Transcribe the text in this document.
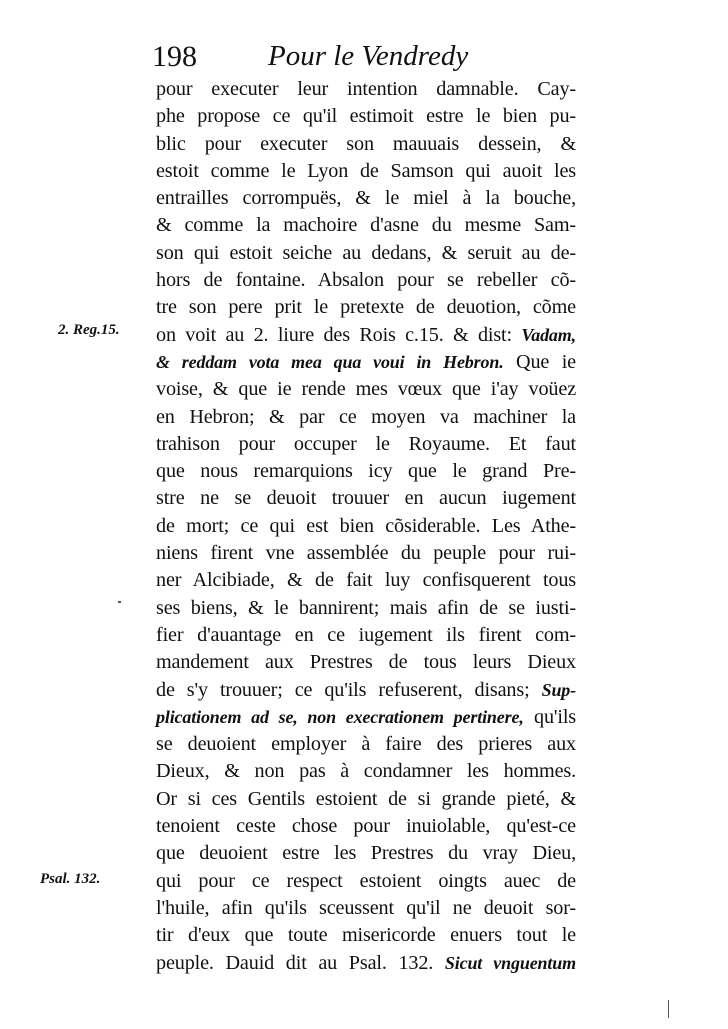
198 Pour le Vendredy
2. Reg.15.
Psal. 132.
pour executer leur intention damnable. Cay-
phe propose ce qu'il estimoit estre le bien pu-
blic pour executer son mauuais dessein, &
estoit comme le Lyon de Samson qui auoit les
entrailles corrompuës, & le miel à la bouche,
& comme la machoire d'asne du mesme Sam-
son qui estoit seiche au dedans, & seruit au de-
hors de fontaine. Absalon pour se rebeller cõ-
tre son pere prit le pretexte de deuotion, cõme
on voit au 2. liure des Rois c.15. & dist: Vadam,
& reddam vota mea qua voui in Hebron. Que ie
voise, & que ie rende mes vœux que i'ay voüez
en Hebron; & par ce moyen va machiner la
trahison pour occuper le Royaume. Et faut
que nous remarquions icy que le grand Pre-
stre ne se deuoit trouuer en aucun iugement
de mort; ce qui est bien cõsiderable. Les Athe-
niens firent vne assemblée du peuple pour rui-
ner Alcibiade, & de fait luy confisquerent tous
ses biens, & le bannirent; mais afin de se iusti-
fier d'auantage en ce iugement ils firent com-
mandement aux Prestres de tous leurs Dieux
de s'y trouuer; ce qu'ils refuserent, disans; Sup-
plicationem ad se, non execrationem pertinere, qu'ils
se deuoient employer à faire des prieres aux
Dieux, & non pas à condamner les hommes.
Or si ces Gentils estoient de si grande pieté, &
tenoient ceste chose pour inuiolable, qu'est-ce
que deuoient estre les Prestres du vray Dieu,
qui pour ce respect estoient oingts auec de
l'huile, afin qu'ils sceussent qu'il ne deuoit sor-
tir d'eux que toute misericorde enuers tout le
peuple. Dauid dit au Psal. 132. Sicut vnguentum
